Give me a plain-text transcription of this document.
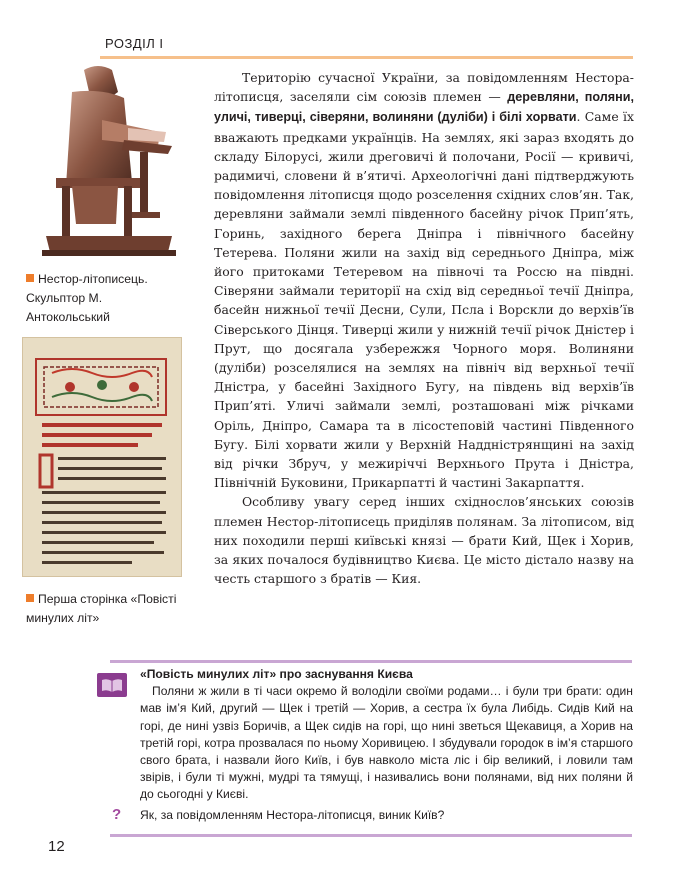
РОЗДІЛ І
Нестор-літописець. Скульптор М. Антокольський
Перша сторінка «Повісті минулих літ»

Територію сучасної України, за повідомленням Нестора-літописця, заселяли сім союзів племен — деревляни, поляни, уличі, тиверці, сіверяни, волиняни (дуліби) і білі хорвати. Саме їх вважають предками українців. На землях, які зараз входять до складу Білорусі, жили дреговичі й полочани, Росії — кривичі, радимичі, словени й в’ятичі. Археологічні дані підтверджують повідомлення літописця щодо розселення східних слов’ян. Так, деревляни займали землі південного басейну річок Прип’ять, Горинь, західного берега Дніпра і північного басейну Тетерева. Поляни жили на захід від середнього Дніпра, між його притоками Тетеревом на півночі та Россю на півдні. Сіверяни займали території на схід від середньої течії Дніпра, басейн нижньої течії Десни, Сули, Псла і Ворскли до верхів’їв Сіверського Дінця. Тиверці жили у нижній течії річок Дністер і Прут, що досягала узбережжя Чорного моря. Волиняни (дуліби) розселялися на землях на північ від верхньої течії Дністра, у басейні Західного Бугу, на південь від верхів’їв Прип’яті. Уличі займали землі, розташовані між річками Оріль, Дніпро, Самара та в лісостеповій частині Південного Бугу. Білі хорвати жили у Верхній Наддністрянщині на захід від річки Збруч, у межиріччі Верхнього Прута і Дністра, Північній Буковини, Прикарпатті й частині Закарпаття.

Особливу увагу серед інших східнослов’янських союзів племен Нестор-літописець приділяв полянам. За літописом, від них походили перші київські князі — брати Кий, Щек і Хорив, за яких почалося будівництво Києва. Це місто дістало назву на честь старшого з братів — Кия.

«Повість минулих літ» про заснування Києва

Поляни ж жили в ті часи окремо й володіли своїми родами… і були три брати: один мав ім’я Кий, другий — Щек і третій — Хорив, а сестра їх була Либідь. Сидів Кий на горі, де нині узвіз Боричів, а Щек сидів на горі, що нині зветься Щекавиця, а Хорив на третій горі, котра прозвалася по ньому Хоривицею. І збудували городок в ім’я старшого свого брата, і назвали його Київ, і був навколо міста ліс і бір великий, і ловили там звірів, і були ті мужні, мудрі та тямущі, і називались вони полянами, від них поляни й до сьогодні у Києві.

? Як, за повідомленням Нестора-літописця, виник Київ?
12
